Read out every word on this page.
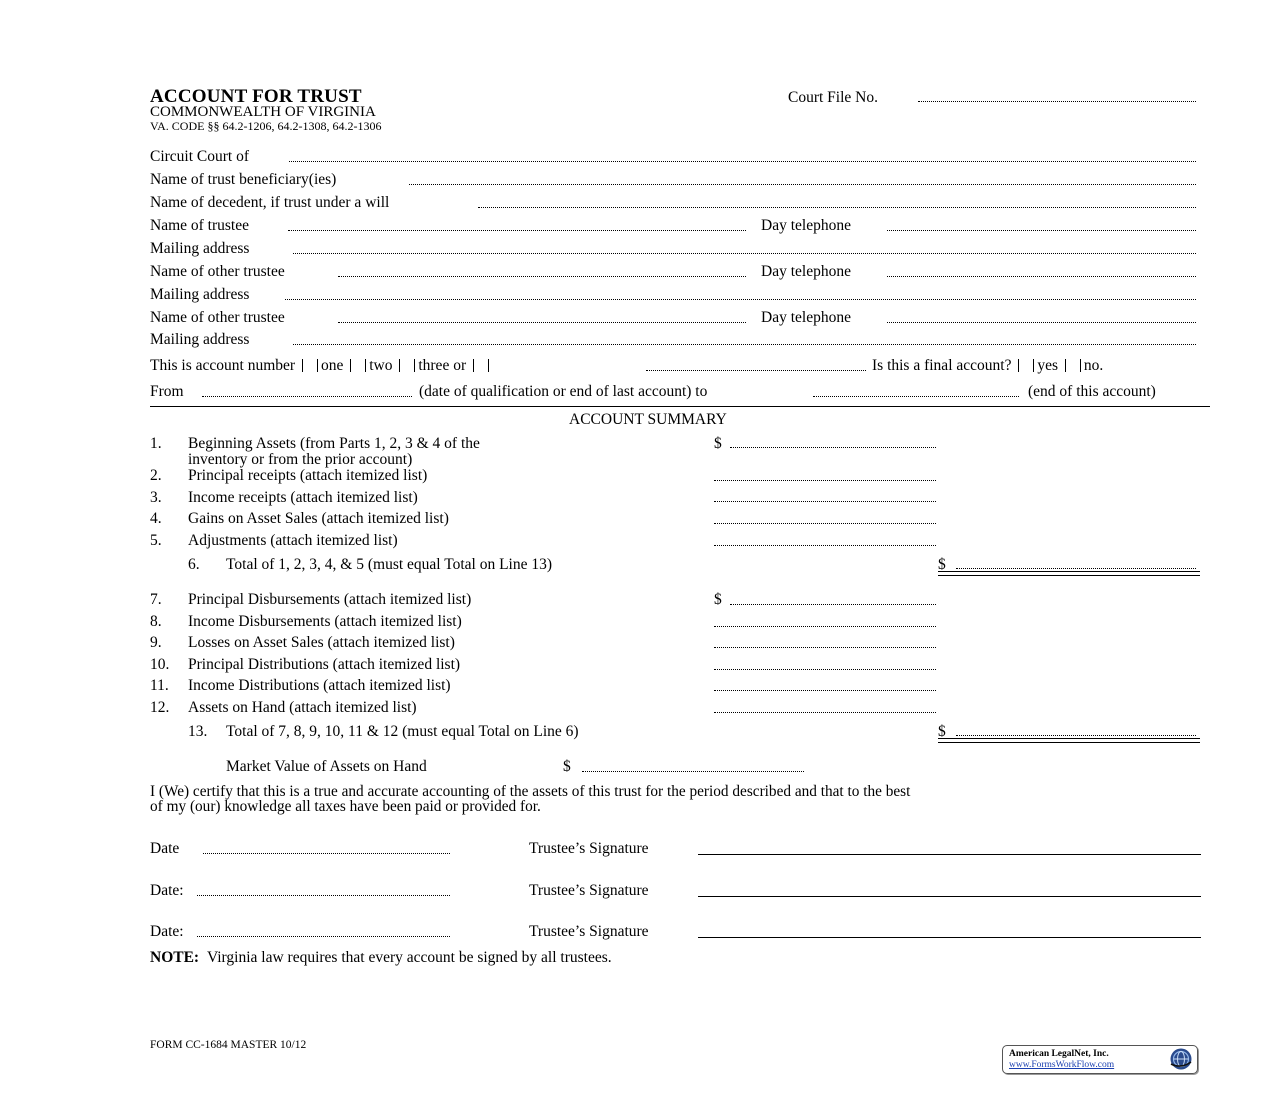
ACCOUNT FOR TRUST
COMMONWEALTH OF VIRGINIA
VA. CODE §§ 64.2-1206, 64.2-1308, 64.2-1306
Court File No.
Circuit Court of
Name of trust beneficiary(ies)
Name of decedent, if trust under a will
Name of trustee	Day telephone
Mailing address
Name of other trustee	Day telephone
Mailing address
Name of other trustee	Day telephone
Mailing address
This is account number one two three or	Is this a final account? yes no.
From	(date of qualification or end of last account) to	(end of this account)
ACCOUNT SUMMARY
1. Beginning Assets (from Parts 1, 2, 3 & 4 of the
inventory or from the prior account)
$
2. Principal receipts (attach itemized list)
3. Income receipts (attach itemized list)
4. Gains on Asset Sales (attach itemized list)
5. Adjustments (attach itemized list)
6. Total of 1, 2, 3, 4, & 5 (must equal Total on Line 13)	$
7. Principal Disbursements (attach itemized list)	$
8. Income Disbursements (attach itemized list)
9. Losses on Asset Sales (attach itemized list)
10. Principal Distributions (attach itemized list)
11. Income Distributions (attach itemized list)
12. Assets on Hand (attach itemized list)
13. Total of 7, 8, 9, 10, 11 & 12 (must equal Total on Line 6)	$
Market Value of Assets on Hand	$
I (We) certify that this is a true and accurate accounting of the assets of this trust for the period described and that to the best
of my (our) knowledge all taxes have been paid or provided for.
Date	Trustee’s Signature
Date:	Trustee’s Signature
Date:	Trustee’s Signature
NOTE: Virginia law requires that every account be signed by all trustees.
FORM CC-1684 MASTER 10/12
American LegalNet, Inc.
www.FormsWorkFlow.com
